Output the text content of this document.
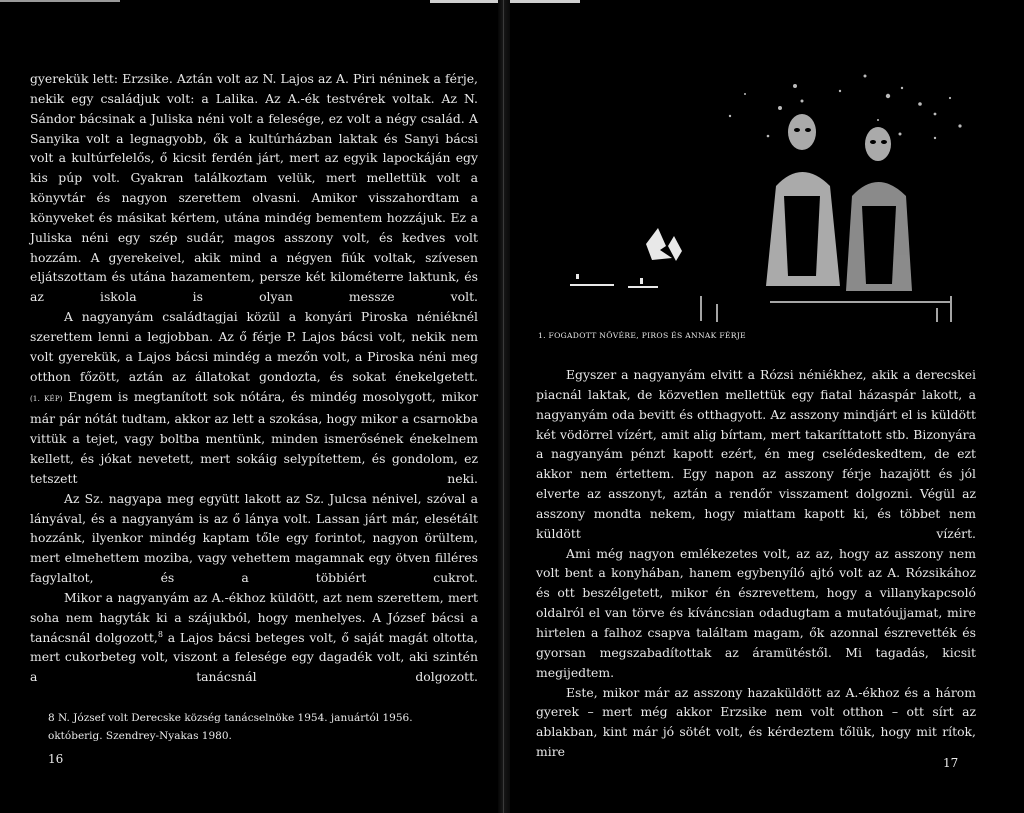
gyerekük lett: Erzsike. Aztán volt az N. Lajos az A. Piri néninek a férje, nekik egy családjuk volt: a Lalika. Az A.-ék testvérek voltak. Az N. Sándor bácsinak a Juliska néni volt a felesége, ez volt a négy család. A Sanyika volt a legnagyobb, ők a kultúrházban laktak és Sanyi bácsi volt a kultúrfelelős, ő kicsit ferdén járt, mert az egyik lapockáján egy kis púp volt. Gyakran találkoztam velük, mert mellettük volt a könyvtár és nagyon szerettem olvasni. Amikor visszahordtam a könyveket és másikat kértem, utána mindég bementem hozzájuk. Ez a Juliska néni egy szép sudár, magos asszony volt, és kedves volt hozzám. A gyerekeivel, akik mind a négyen fiúk voltak, szívesen eljátszottam és utána hazamentem, persze két kilométerre laktunk, és az iskola is olyan messze volt.

A nagyanyám családtagjai közül a konyári Piroska néniéknél szerettem lenni a legjobban. Az ő férje P. Lajos bácsi volt, nekik nem volt gyerekük, a Lajos bácsi mindég a mezőn volt, a Piroska néni meg otthon főzött, aztán az állatokat gondozta, és sokat énekelgetett.

(1. KÉP) Engem is megtanított sok nótára, és mindég mosolygott, mikor már pár nótát tudtam, akkor az lett a szokása, hogy mikor a csarnokba vittük a tejet, vagy boltba mentünk, minden ismerősének énekelnem kellett, és jókat nevetett, mert sokáig selypítettem, és gondolom, ez tetszett neki.

Az Sz. nagyapa meg együtt lakott az Sz. Julcsa nénivel, szóval a lányával, és a nagyanyám is az ő lánya volt. Lassan járt már, elesétált hozzánk, ilyenkor mindég kaptam tőle egy forintot, nagyon örültem, mert elmehettem moziba, vagy vehettem magamnak egy ötven filléres fagylaltot, és a többiért cukrot.

Mikor a nagyanyám az A.-ékhoz küldött, azt nem szerettem, mert soha nem hagyták ki a szájukból, hogy menhelyes. A József bácsi a tanácsnál dolgozott,$^8$ a Lajos bácsi beteges volt, ő saját magát oltotta, mert cukorbeteg volt, viszont a felesége egy dagadék volt, aki szintén a tanácsnál dolgozott.

8 N. József volt Derecske község tanácselnöke 1954. januártól 1956. októberig. Szendrey-Nyakas 1980.
16
1. FOGADOTT NŐVÉRE, PIROS ÉS ANNAK FÉRJE

Egyszer a nagyanyám elvitt a Rózsi néniékhez, akik a derecskei piacnál laktak, de közvetlen mellettük egy fiatal házaspár lakott, a nagyanyám oda bevitt és otthagyott. Az asszony mindjárt el is küldött két vödörrel vízért, amit alig bírtam, mert takaríttatott stb. Bizonyára a nagyanyám pénzt kapott ezért, én meg cselédeskedtem, de ezt akkor nem értettem. Egy napon az asszony férje hazajött és jól elverte az asszonyt, aztán a rendőr visszament dolgozni. Végül az asszony mondta nekem, hogy miattam kapott ki, és többet nem küldött vízért.

Ami még nagyon emlékezetes volt, az az, hogy az asszony nem volt bent a konyhában, hanem egybenyíló ajtó volt az A. Rózsikához és ott beszélgetett, mikor én észrevettem, hogy a villanykapcsoló oldalról el van törve és kíváncsian odadugtam a mutatóujjamat, mire hirtelen a falhoz csapva találtam magam, ők azonnal észrevették és gyorsan megszabadítottak az áramütéstől. Mi tagadás, kicsit megijedtem.

Este, mikor már az asszony hazaküldött az A.-ékhoz és a három gyerek – mert még akkor Erzsike nem volt otthon – ott sírt az ablakban, kint már jó sötét volt, és kérdeztem tőlük, hogy mit rítok, mire

17
